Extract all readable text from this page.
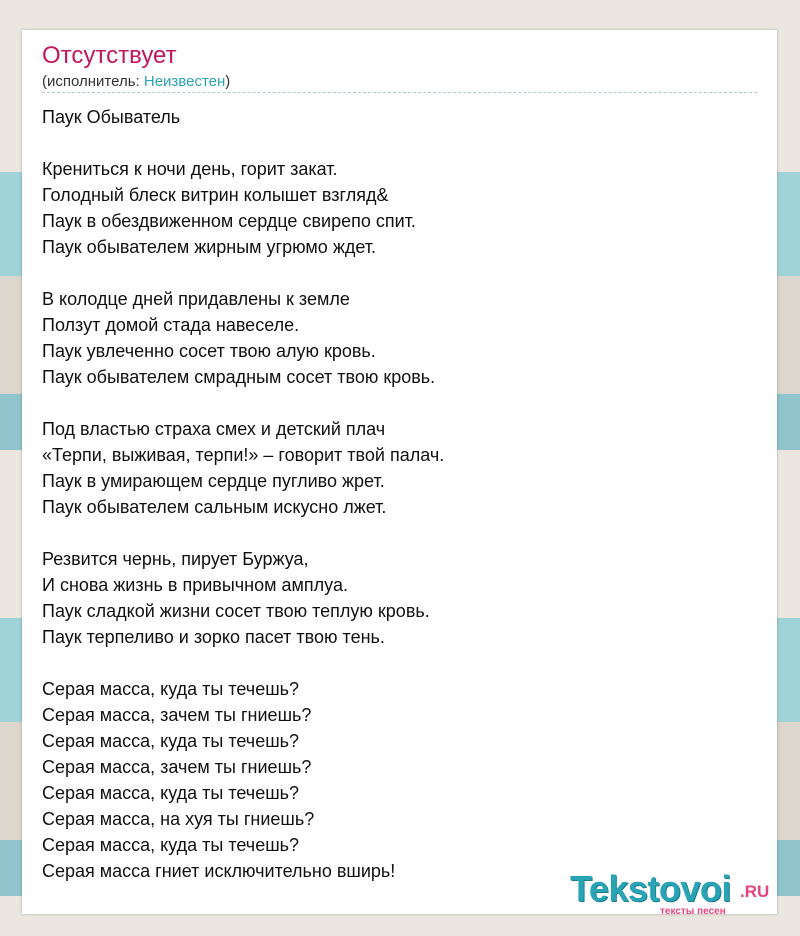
Отсутствует
(исполнитель: Неизвестен)
Паук Обыватель
Крениться к ночи день, горит закат.
Голодный блеск витрин колышет взгляд&
Паук в обездвиженном сердце свирепо спит.
Паук обывателем жирным угрюмо ждет.
В колодце дней придавлены к земле
Ползут домой стада навеселе.
Паук увлеченно сосет твою алую кровь.
Паук обывателем смрадным сосет твою кровь.
Под властью страха смех и детский плач
«Терпи, выживая, терпи!» – говорит твой палач.
Паук в умирающем сердце пугливо жрет.
Паук обывателем сальным искусно лжет.
Резвится чернь, пирует Буржуа,
И снова жизнь в привычном амплуа.
Паук сладкой жизни сосет твою теплую кровь.
Паук терпеливо и зорко пасет твою тень.
Серая масса, куда ты течешь?
Серая масса, зачем ты гниешь?
Серая масса, куда ты течешь?
Серая масса, зачем ты гниешь?
Серая масса, куда ты течешь?
Серая масса, на хуя ты гниешь?
Серая масса, куда ты течешь?
Серая масса гниет исключительно вширь!	Tekstovoi .RU
тексты песен
